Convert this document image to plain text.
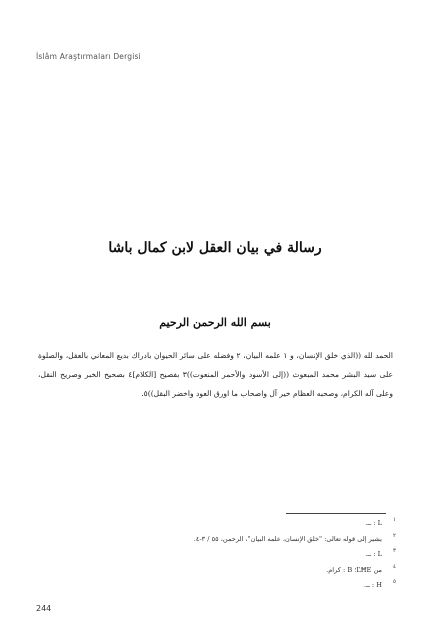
İslâm Araştırmaları Dergisi
رسالة في بيان العقل لابن كمال باشا
بسم الله الرحمن الرحيم

الحمد لله ((الذي خلق الإنسان، و ١ علمه البيان، ٢ وفضله على سائر الحيوان بادراك بديع المعاني بالعقل، والصلوة على سيد البشر محمد المبعوث ((إلى الأسود والأحمر المنعوت))٣ بفصيح [الكلام]٤ بصحيح الخبر وصريح النقل، وعلى آله الكرام، وصحبه العظام خير آل واصحاب ما اورق العود واخضر البقل))٥.

١
L : ــ.
٢
يشير إلى قوله تعالى: "خلق الإنسان، علمه البيان"، الرحمن، ٥٥ / ٣-٤.
٣
L : ــ.
٤
من ĽĦE؛ B : كرام.
٥
H : ــ.
244
